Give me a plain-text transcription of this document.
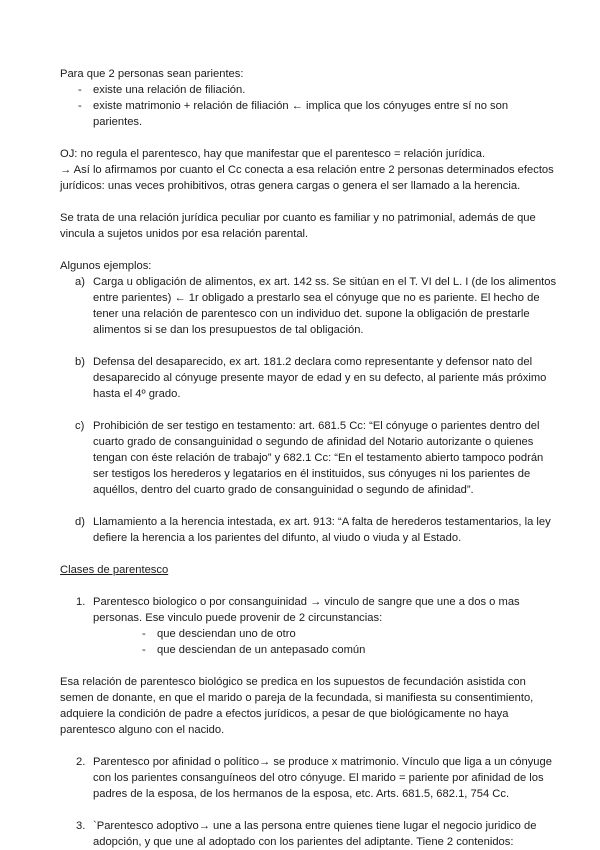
Para que 2 personas sean parientes:

- existe una relación de filiación.
- existe matrimonio + relación de filiación ← implica que los cónyuges entre sí no son parientes.

OJ: no regula el parentesco, hay que manifestar que el parentesco = relación jurídica.

→ Así lo afirmamos por cuanto el Cc conecta a esa relación entre 2 personas determinados efectos jurídicos: unas veces prohibitivos, otras genera cargas o genera el ser llamado a la herencia.

Se trata de una relación jurídica peculiar por cuanto es familiar y no patrimonial, además de que vincula a sujetos unidos por esa relación parental.

Algunos ejemplos:

a) Carga u obligación de alimentos, ex art. 142 ss. Se sitúan en el T. VI del L. I (de los alimentos entre parientes) ← 1r obligado a prestarlo sea el cónyuge que no es pariente. El hecho de tener una relación de parentesco con un individuo det. supone la obligación de prestarle alimentos si se dan los presupuestos de tal obligación.
b) Defensa del desaparecido, ex art. 181.2 declara como representante y defensor nato del desaparecido al cónyuge presente mayor de edad y en su defecto, al pariente más próximo hasta el 4º grado.
c) Prohibición de ser testigo en testamento: art. 681.5 Cc: “El cónyuge o parientes dentro del cuarto grado de consanguinidad o segundo de afinidad del Notario autorizante o quienes tengan con éste relación de trabajo” y 682.1 Cc: “En el testamento abierto tampoco podrán ser testigos los herederos y legatarios en él instituidos, sus cónyuges ni los parientes de aquéllos, dentro del cuarto grado de consanguinidad o segundo de afinidad”.
d) Llamamiento a la herencia intestada, ex art. 913: “A falta de herederos testamentarios, la ley defiere la herencia a los parientes del difunto, al viudo o viuda y al Estado.

Clases de parentesco

1. Parentesco biologico o por consanguinidad → vinculo de sangre que une a dos o mas personas. Ese vinculo puede provenir de 2 circunstancias:
- que desciendan uno de otro
- que desciendan de un antepasado común

Esa relación de parentesco biológico se predica en los supuestos de fecundación asistida con semen de donante, en que el marido o pareja de la fecundada, si manifiesta su consentimiento, adquiere la condición de padre a efectos jurídicos, a pesar de que biológicamente no haya parentesco alguno con el nacido.

2. Parentesco por afinidad o político→ se produce x matrimonio. Vínculo que liga a un cónyuge con los parientes consanguíneos del otro cónyuge. El marido = pariente por afinidad de los padres de la esposa, de los hermanos de la esposa, etc. Arts. 681.5, 682.1, 754 Cc.
3. `Parentesco adoptivo→ une a las persona entre quienes tiene lugar el negocio juridico de adopción, y que une al adoptado con los parientes del adiptante. Tiene 2 contenidos:
